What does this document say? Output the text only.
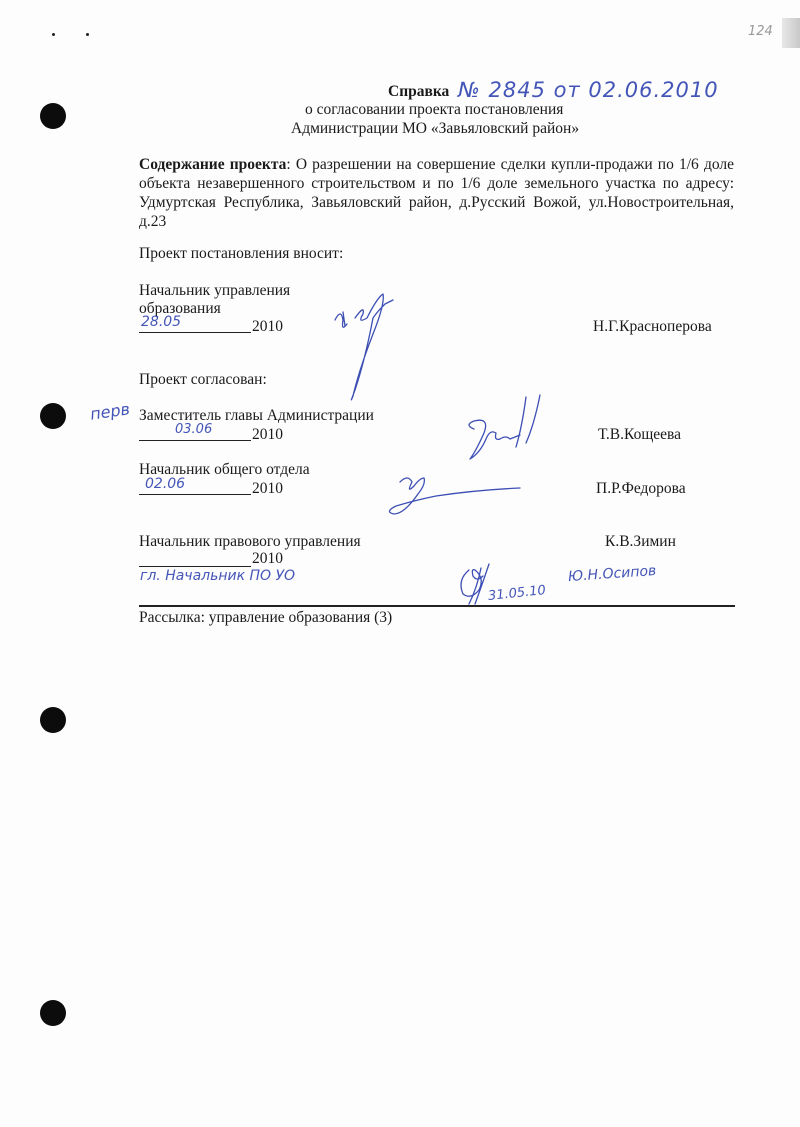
124
Справка № 2845 от 02.06.2010
о согласовании проекта постановления
Администрации МО «Завьяловский район»
Содержание проекта: О разрешении на совершение сделки купли-продажи по 1/6 доле объекта незавершенного строительством и по 1/6 доле земельного участка по адресу: Удмуртская Республика, Завьяловский район, д.Русский Вожой, ул.Новостроительная, д.23
Проект постановления вносит:
Начальник управления
образования
28.05	2010	Н.Г.Красноперова
Проект согласован:
перв Заместитель главы Администрации
03.06	2010	Т.В.Кощеева
Начальник общего отдела
02.06	2010	П.Р.Федорова
Начальник правового управления	К.В.Зимин
2010
гл. Начальник ПО УО
31.05.10
Ю.Н.Осипов
Рассылка: управление образования (3)
